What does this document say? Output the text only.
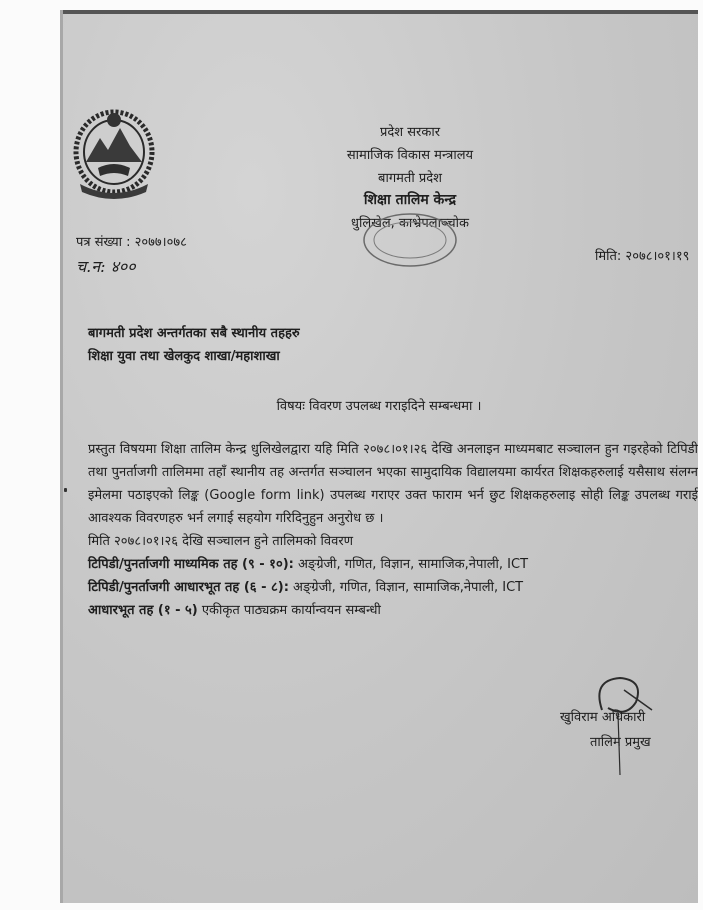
प्रदेश सरकार
सामाजिक विकास मन्त्रालय
बागमती प्रदेश
शिक्षा तालिम केन्द्र
धुलिखेल, काभ्रेपलाञ्चोक
पत्र संख्या : २०७७।०७८
च.न: ४००
मिति: २०७८।०१।१९
बागमती प्रदेश अन्तर्गतका सबै स्थानीय तहहरु
शिक्षा युवा तथा खेलकुद शाखा/महाशाखा
विषयः विवरण उपलब्ध गराइदिने सम्बन्धमा ।
प्रस्तुत विषयमा शिक्षा तालिम केन्द्र धुलिखेलद्वारा यहि मिति २०७८।०१।२६ देखि अनलाइन माध्यमबाट सञ्चालन हुन गइरहेको टिपिडी तथा पुनर्ताजगी तालिममा तहाँ स्थानीय तह अन्तर्गत सञ्चालन भएका सामुदायिक विद्यालयमा कार्यरत शिक्षकहरुलाई यसैसाथ संलग्न इमेलमा पठाइएको लिङ्क (Google form link) उपलब्ध गराएर उक्त फाराम भर्न छुट शिक्षकहरुलाइ सोही लिङ्क उपलब्ध गराई आवश्यक विवरणहरु भर्न लगाई सहयोग गरिदिनुहुन अनुरोध छ ।
मिति २०७८।०१।२६ देखि सञ्चालन हुने तालिमको विवरण
टिपिडी/पुनर्ताजगी माध्यमिक तह (९ - १०): अङ्ग्रेजी, गणित, विज्ञान, सामाजिक,नेपाली, ICT
टिपिडी/पुनर्ताजगी आधारभूत तह (६ - ८): अङ्ग्रेजी, गणित, विज्ञान, सामाजिक,नेपाली, ICT
आधारभूत तह (१ - ५) एकीकृत पाठ्यक्रम कार्यान्वयन सम्बन्धी
खुविराम अधिकारी
तालिम प्रमुख
